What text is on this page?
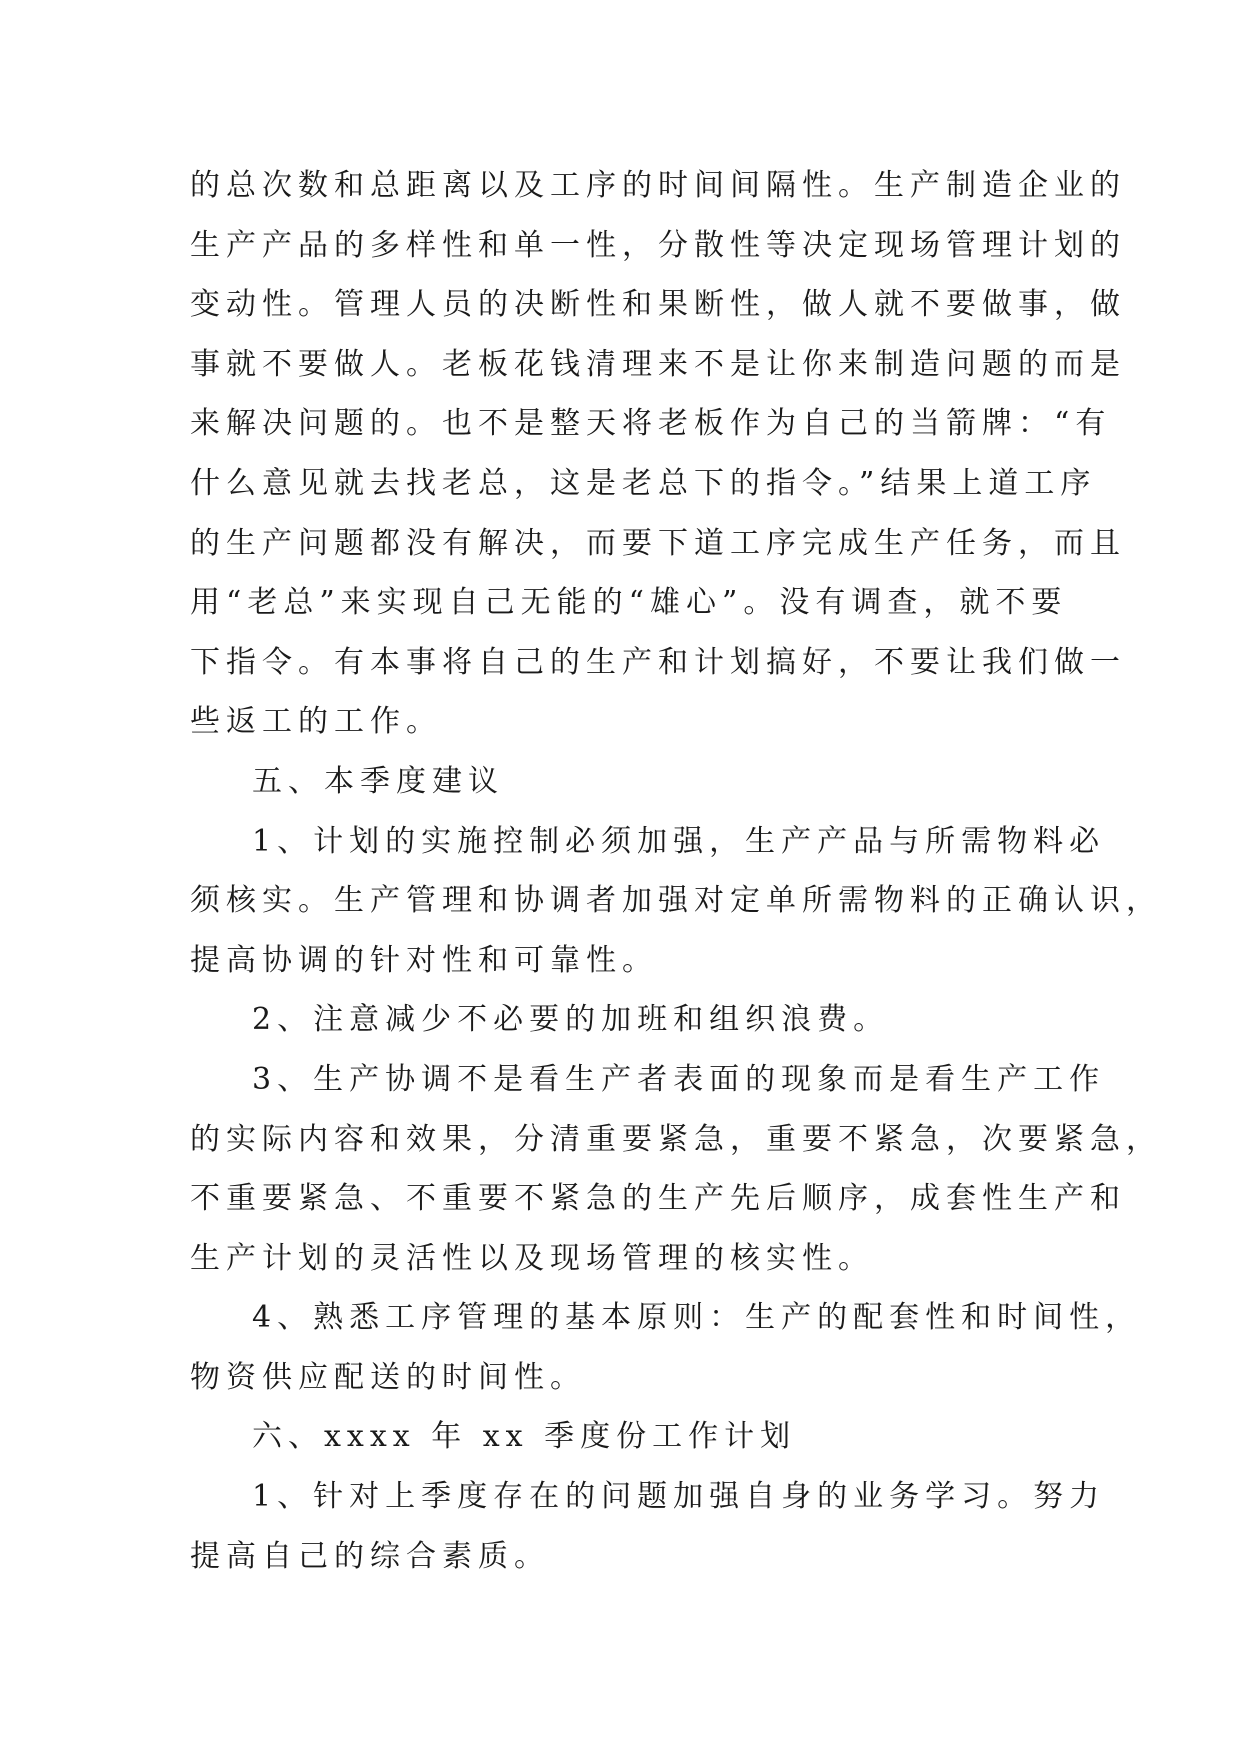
的总次数和总距离以及工序的时间间隔性。生产制造企业的
生产产品的多样性和单一性，分散性等决定现场管理计划的
变动性。管理人员的决断性和果断性，做人就不要做事，做
事就不要做人。老板花钱清理来不是让你来制造问题的而是
来解决问题的。也不是整天将老板作为自己的当箭牌：“有
什么意见就去找老总，这是老总下的指令。”结果上道工序
的生产问题都没有解决，而要下道工序完成生产任务，而且
用“老总”来实现自己无能的“雄心”。没有调查，就不要
下指令。有本事将自己的生产和计划搞好，不要让我们做一
些返工的工作。
五、本季度建议
1、计划的实施控制必须加强，生产产品与所需物料必
须核实。生产管理和协调者加强对定单所需物料的正确认识，
提高协调的针对性和可靠性。
2、注意减少不必要的加班和组织浪费。
3、生产协调不是看生产者表面的现象而是看生产工作
的实际内容和效果，分清重要紧急，重要不紧急，次要紧急，
不重要紧急、不重要不紧急的生产先后顺序，成套性生产和
生产计划的灵活性以及现场管理的核实性。
4、熟悉工序管理的基本原则：生产的配套性和时间性，
物资供应配送的时间性。
六、xxxx 年 xx 季度份工作计划
1、针对上季度存在的问题加强自身的业务学习。努力
提高自己的综合素质。
